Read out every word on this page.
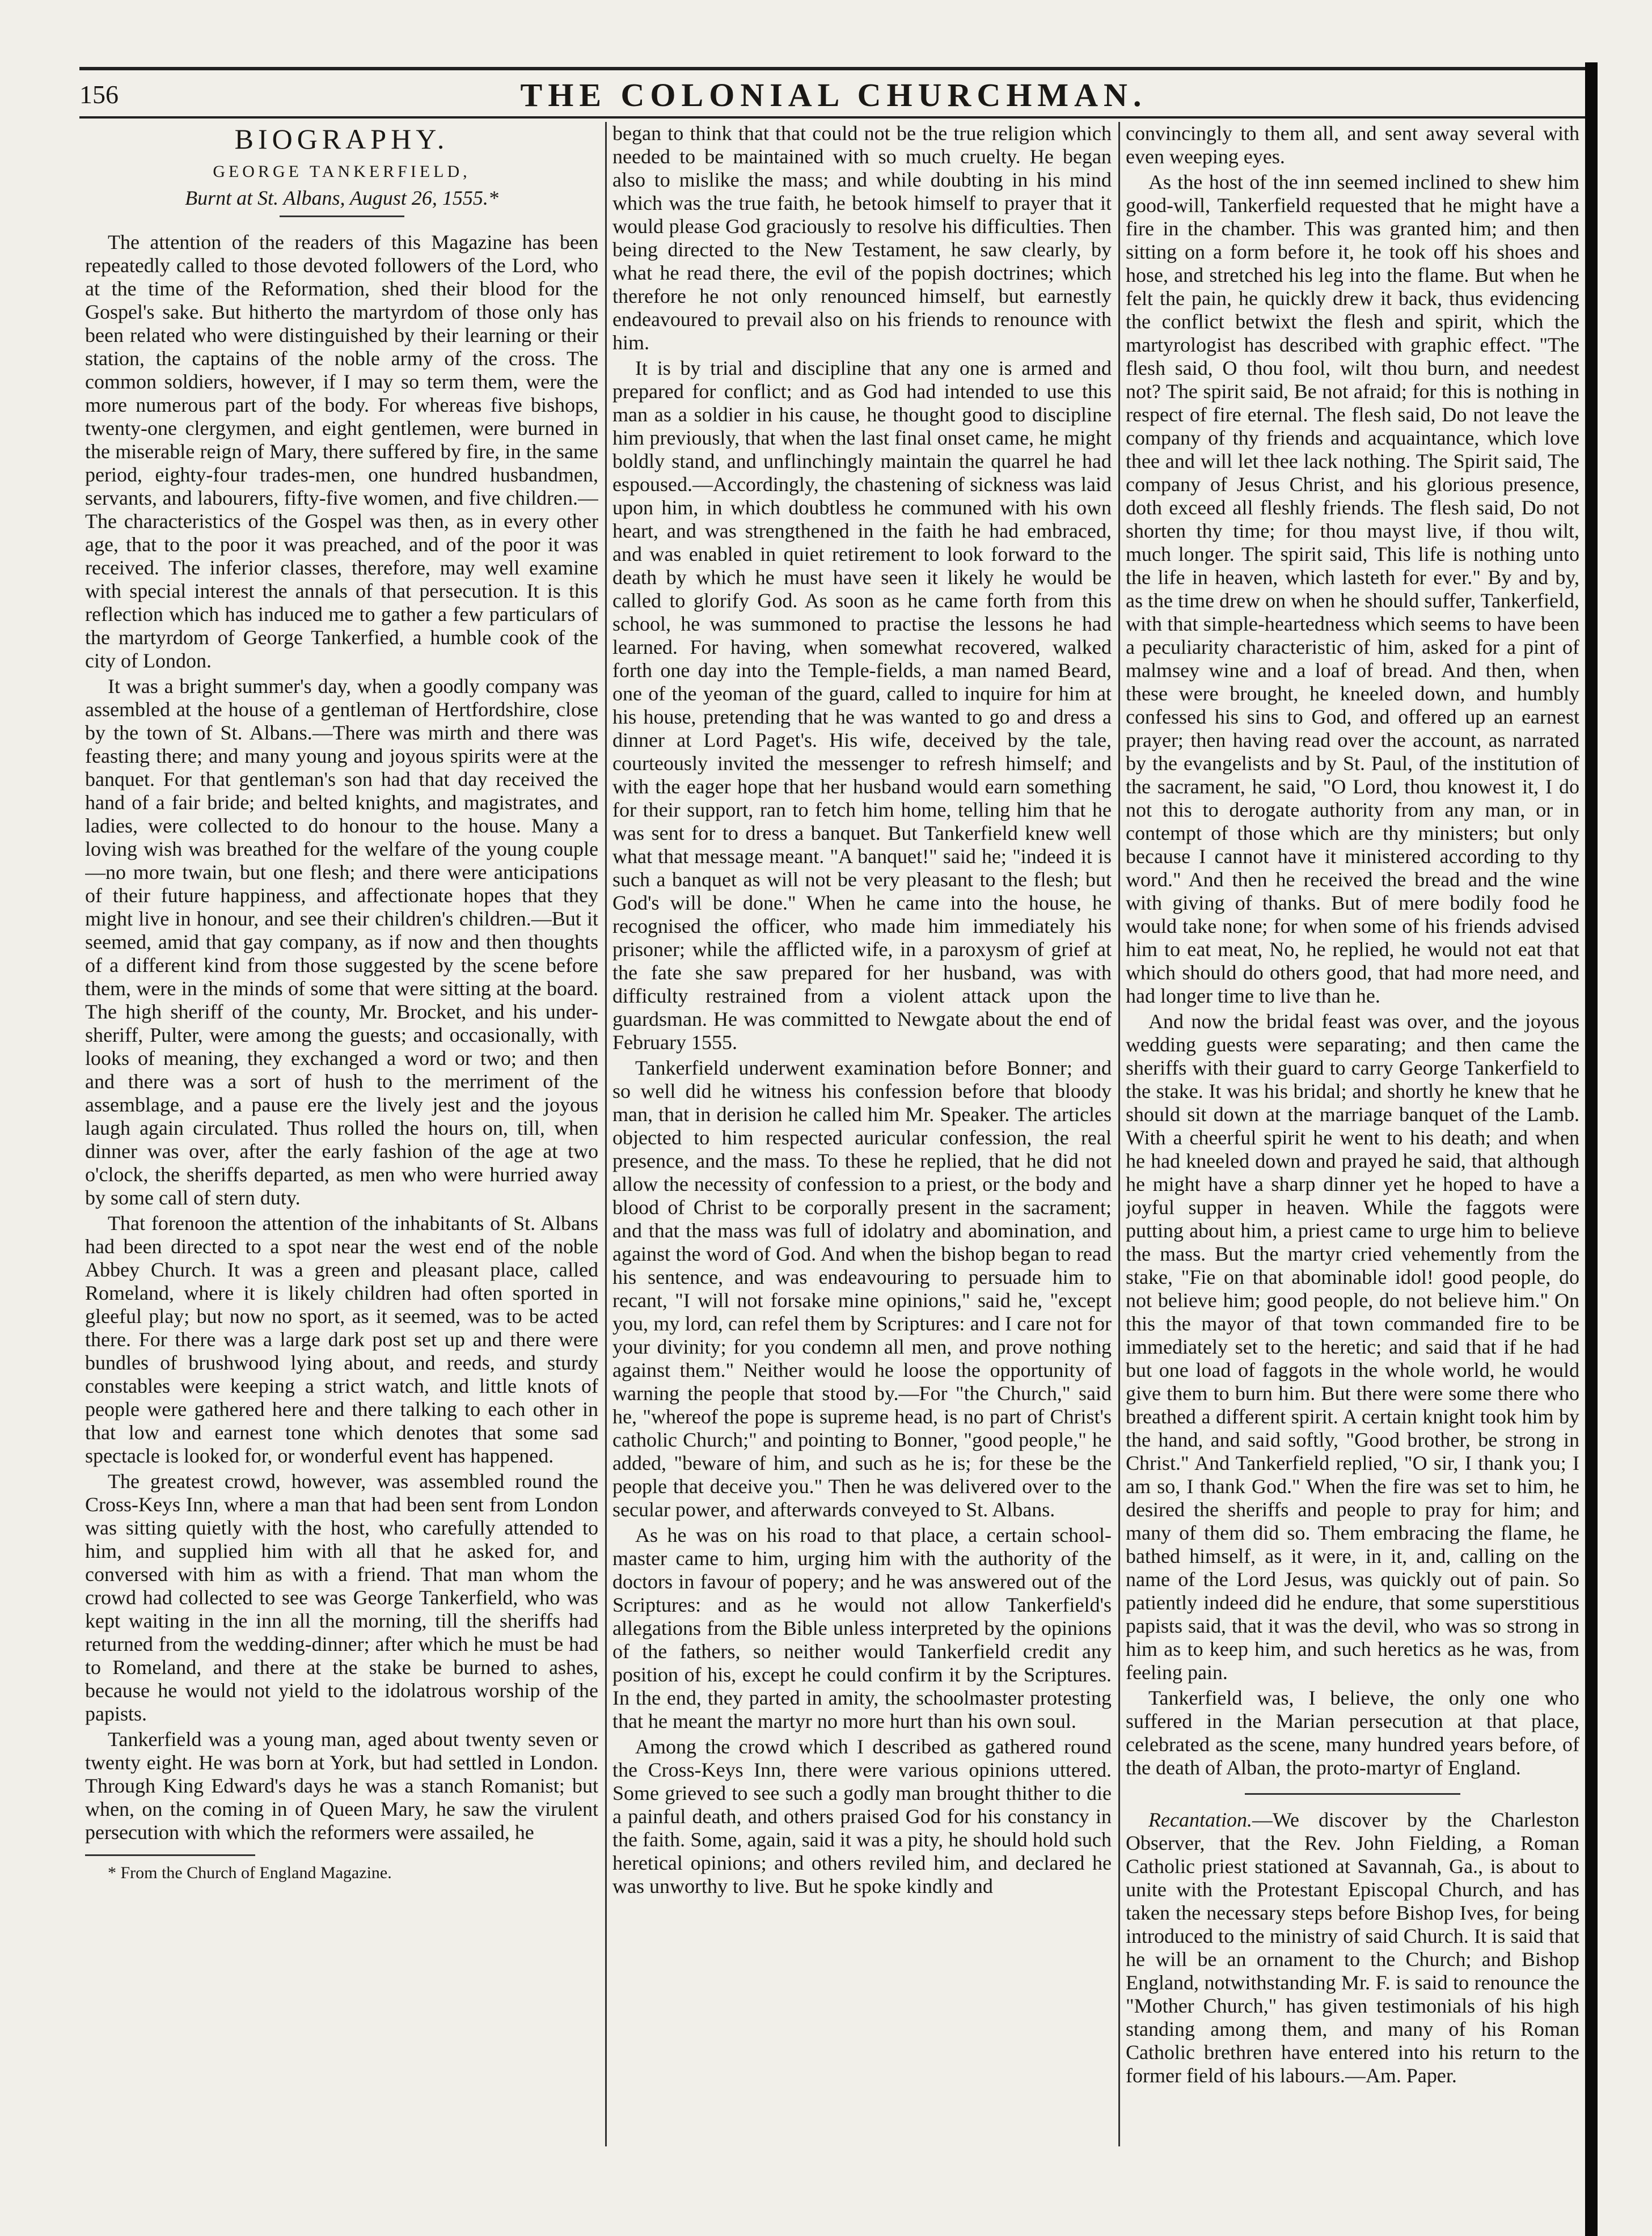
156	THE COLONIAL CHURCHMAN.
BIOGRAPHY.
GEORGE TANKERFIELD,
Burnt at St. Albans, August 26, 1555.*

The attention of the readers of this Magazine has been repeatedly called to those devoted followers of the Lord, who at the time of the Reformation, shed their blood for the Gospel's sake. But hitherto the martyrdom of those only has been related who were distinguished by their learning or their station, the captains of the noble army of the cross. The common soldiers, however, if I may so term them, were the more numerous part of the body. For whereas five bishops, twenty-one clergymen, and eight gentlemen, were burned in the miserable reign of Mary, there suffered by fire, in the same period, eighty-four trades-men, one hundred husbandmen, servants, and labourers, fifty-five women, and five children.—The characteristics of the Gospel was then, as in every other age, that to the poor it was preached, and of the poor it was received. The inferior classes, therefore, may well examine with special interest the annals of that persecution. It is this reflection which has induced me to gather a few particulars of the martyrdom of George Tankerfied, a humble cook of the city of London.

It was a bright summer's day, when a goodly company was assembled at the house of a gentleman of Hertfordshire, close by the town of St. Albans.—There was mirth and there was feasting there; and many young and joyous spirits were at the banquet. For that gentleman's son had that day received the hand of a fair bride; and belted knights, and magistrates, and ladies, were collected to do honour to the house. Many a loving wish was breathed for the welfare of the young couple—no more twain, but one flesh; and there were anticipations of their future happiness, and affectionate hopes that they might live in honour, and see their children's children.—But it seemed, amid that gay company, as if now and then thoughts of a different kind from those suggested by the scene before them, were in the minds of some that were sitting at the board. The high sheriff of the county, Mr. Brocket, and his under-sheriff, Pulter, were among the guests; and occasionally, with looks of meaning, they exchanged a word or two; and then and there was a sort of hush to the merriment of the assemblage, and a pause ere the lively jest and the joyous laugh again circulated. Thus rolled the hours on, till, when dinner was over, after the early fashion of the age at two o'clock, the sheriffs departed, as men who were hurried away by some call of stern duty.

That forenoon the attention of the inhabitants of St. Albans had been directed to a spot near the west end of the noble Abbey Church. It was a green and pleasant place, called Romeland, where it is likely children had often sported in gleeful play; but now no sport, as it seemed, was to be acted there. For there was a large dark post set up and there were bundles of brushwood lying about, and reeds, and sturdy constables were keeping a strict watch, and little knots of people were gathered here and there talking to each other in that low and earnest tone which denotes that some sad spectacle is looked for, or wonderful event has happened.

The greatest crowd, however, was assembled round the Cross-Keys Inn, where a man that had been sent from London was sitting quietly with the host, who carefully attended to him, and supplied him with all that he asked for, and conversed with him as with a friend. That man whom the crowd had collected to see was George Tankerfield, who was kept waiting in the inn all the morning, till the sheriffs had returned from the wedding-dinner; after which he must be had to Romeland, and there at the stake be burned to ashes, because he would not yield to the idolatrous worship of the papists.

Tankerfield was a young man, aged about twenty seven or twenty eight. He was born at York, but had settled in London. Through King Edward's days he was a stanch Romanist; but when, on the coming in of Queen Mary, he saw the virulent persecution with which the reformers were assailed, he

* From the Church of England Magazine.

began to think that that could not be the true religion which needed to be maintained with so much cruelty. He began also to mislike the mass; and while doubting in his mind which was the true faith, he betook himself to prayer that it would please God graciously to resolve his difficulties. Then being directed to the New Testament, he saw clearly, by what he read there, the evil of the popish doctrines; which therefore he not only renounced himself, but earnestly endeavoured to prevail also on his friends to renounce with him.

It is by trial and discipline that any one is armed and prepared for conflict; and as God had intended to use this man as a soldier in his cause, he thought good to discipline him previously, that when the last final onset came, he might boldly stand, and unflinchingly maintain the quarrel he had espoused.—Accordingly, the chastening of sickness was laid upon him, in which doubtless he communed with his own heart, and was strengthened in the faith he had embraced, and was enabled in quiet retirement to look forward to the death by which he must have seen it likely he would be called to glorify God. As soon as he came forth from this school, he was summoned to practise the lessons he had learned. For having, when somewhat recovered, walked forth one day into the Temple-fields, a man named Beard, one of the yeoman of the guard, called to inquire for him at his house, pretending that he was wanted to go and dress a dinner at Lord Paget's. His wife, deceived by the tale, courteously invited the messenger to refresh himself; and with the eager hope that her husband would earn something for their support, ran to fetch him home, telling him that he was sent for to dress a banquet. But Tankerfield knew well what that message meant. "A banquet!" said he; "indeed it is such a banquet as will not be very pleasant to the flesh; but God's will be done." When he came into the house, he recognised the officer, who made him immediately his prisoner; while the afflicted wife, in a paroxysm of grief at the fate she saw prepared for her husband, was with difficulty restrained from a violent attack upon the guardsman. He was committed to Newgate about the end of February 1555.

Tankerfield underwent examination before Bonner; and so well did he witness his confession before that bloody man, that in derision he called him Mr. Speaker. The articles objected to him respected auricular confession, the real presence, and the mass. To these he replied, that he did not allow the necessity of confession to a priest, or the body and blood of Christ to be corporally present in the sacrament; and that the mass was full of idolatry and abomination, and against the word of God. And when the bishop began to read his sentence, and was endeavouring to persuade him to recant, "I will not forsake mine opinions," said he, "except you, my lord, can refel them by Scriptures: and I care not for your divinity; for you condemn all men, and prove nothing against them." Neither would he loose the opportunity of warning the people that stood by.—For "the Church," said he, "whereof the pope is supreme head, is no part of Christ's catholic Church;" and pointing to Bonner, "good people," he added, "beware of him, and such as he is; for these be the people that deceive you." Then he was delivered over to the secular power, and afterwards conveyed to St. Albans.

As he was on his road to that place, a certain school-master came to him, urging him with the authority of the doctors in favour of popery; and he was answered out of the Scriptures: and as he would not allow Tankerfield's allegations from the Bible unless interpreted by the opinions of the fathers, so neither would Tankerfield credit any position of his, except he could confirm it by the Scriptures. In the end, they parted in amity, the schoolmaster protesting that he meant the martyr no more hurt than his own soul.

Among the crowd which I described as gathered round the Cross-Keys Inn, there were various opinions uttered. Some grieved to see such a godly man brought thither to die a painful death, and others praised God for his constancy in the faith. Some, again, said it was a pity, he should hold such heretical opinions; and others reviled him, and declared he was unworthy to live. But he spoke kindly and

convincingly to them all, and sent away several with even weeping eyes.

As the host of the inn seemed inclined to shew him good-will, Tankerfield requested that he might have a fire in the chamber. This was granted him; and then sitting on a form before it, he took off his shoes and hose, and stretched his leg into the flame. But when he felt the pain, he quickly drew it back, thus evidencing the conflict betwixt the flesh and spirit, which the martyrologist has described with graphic effect. "The flesh said, O thou fool, wilt thou burn, and needest not? The spirit said, Be not afraid; for this is nothing in respect of fire eternal. The flesh said, Do not leave the company of thy friends and acquaintance, which love thee and will let thee lack nothing. The Spirit said, The company of Jesus Christ, and his glorious presence, doth exceed all fleshly friends. The flesh said, Do not shorten thy time; for thou mayst live, if thou wilt, much longer. The spirit said, This life is nothing unto the life in heaven, which lasteth for ever." By and by, as the time drew on when he should suffer, Tankerfield, with that simple-heartedness which seems to have been a peculiarity characteristic of him, asked for a pint of malmsey wine and a loaf of bread. And then, when these were brought, he kneeled down, and humbly confessed his sins to God, and offered up an earnest prayer; then having read over the account, as narrated by the evangelists and by St. Paul, of the institution of the sacrament, he said, "O Lord, thou knowest it, I do not this to derogate authority from any man, or in contempt of those which are thy ministers; but only because I cannot have it ministered according to thy word." And then he received the bread and the wine with giving of thanks. But of mere bodily food he would take none; for when some of his friends advised him to eat meat, No, he replied, he would not eat that which should do others good, that had more need, and had longer time to live than he.

And now the bridal feast was over, and the joyous wedding guests were separating; and then came the sheriffs with their guard to carry George Tankerfield to the stake. It was his bridal; and shortly he knew that he should sit down at the marriage banquet of the Lamb. With a cheerful spirit he went to his death; and when he had kneeled down and prayed he said, that although he might have a sharp dinner yet he hoped to have a joyful supper in heaven. While the faggots were putting about him, a priest came to urge him to believe the mass. But the martyr cried vehemently from the stake, "Fie on that abominable idol! good people, do not believe him; good people, do not believe him." On this the mayor of that town commanded fire to be immediately set to the heretic; and said that if he had but one load of faggots in the whole world, he would give them to burn him. But there were some there who breathed a different spirit. A certain knight took him by the hand, and said softly, "Good brother, be strong in Christ." And Tankerfield replied, "O sir, I thank you; I am so, I thank God." When the fire was set to him, he desired the sheriffs and people to pray for him; and many of them did so. Them embracing the flame, he bathed himself, as it were, in it, and, calling on the name of the Lord Jesus, was quickly out of pain. So patiently indeed did he endure, that some superstitious papists said, that it was the devil, who was so strong in him as to keep him, and such heretics as he was, from feeling pain.

Tankerfield was, I believe, the only one who suffered in the Marian persecution at that place, celebrated as the scene, many hundred years before, of the death of Alban, the proto-martyr of England.

Recantation.—We discover by the Charleston Observer, that the Rev. John Fielding, a Roman Catholic priest stationed at Savannah, Ga., is about to unite with the Protestant Episcopal Church, and has taken the necessary steps before Bishop Ives, for being introduced to the ministry of said Church. It is said that he will be an ornament to the Church; and Bishop England, notwithstanding Mr. F. is said to renounce the "Mother Church," has given testimonials of his high standing among them, and many of his Roman Catholic brethren have entered into his return to the former field of his labours.—Am. Paper.
